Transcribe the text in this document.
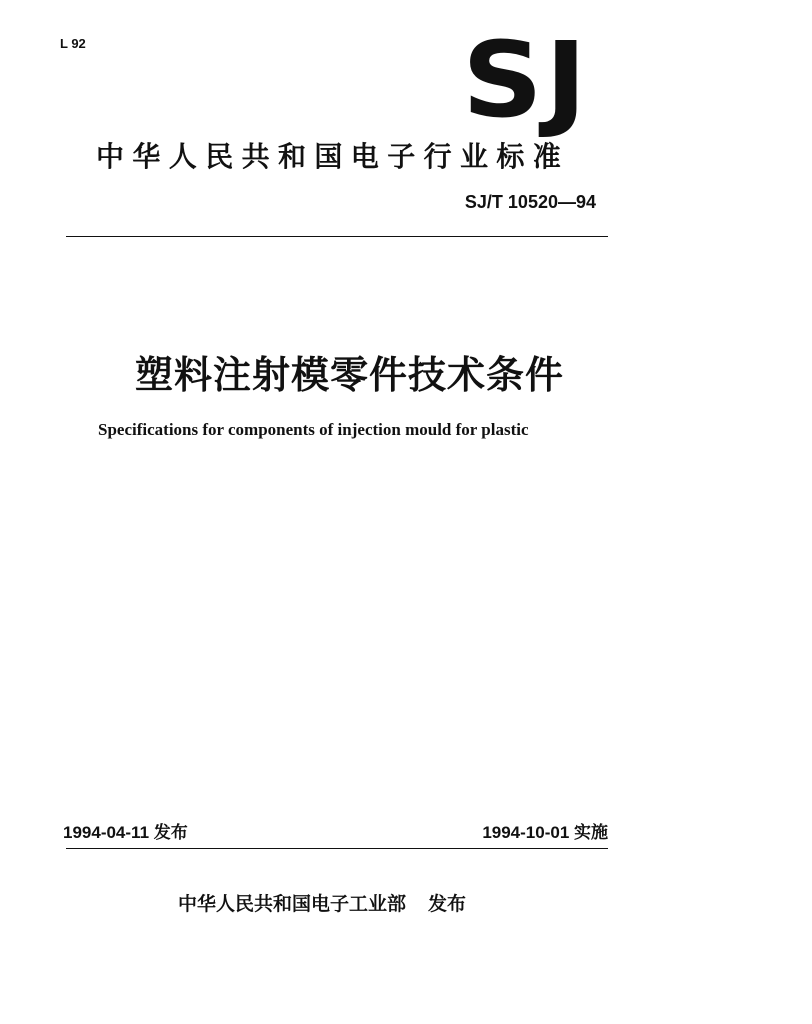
L 92	SJ
中华人民共和国电子行业标准
SJ/T 10520—94
塑料注射模零件技术条件
Specifications for components of injection mould for plastic
1994-04-11 发布	1994-10-01 实施
中华人民共和国电子工业部 发布
